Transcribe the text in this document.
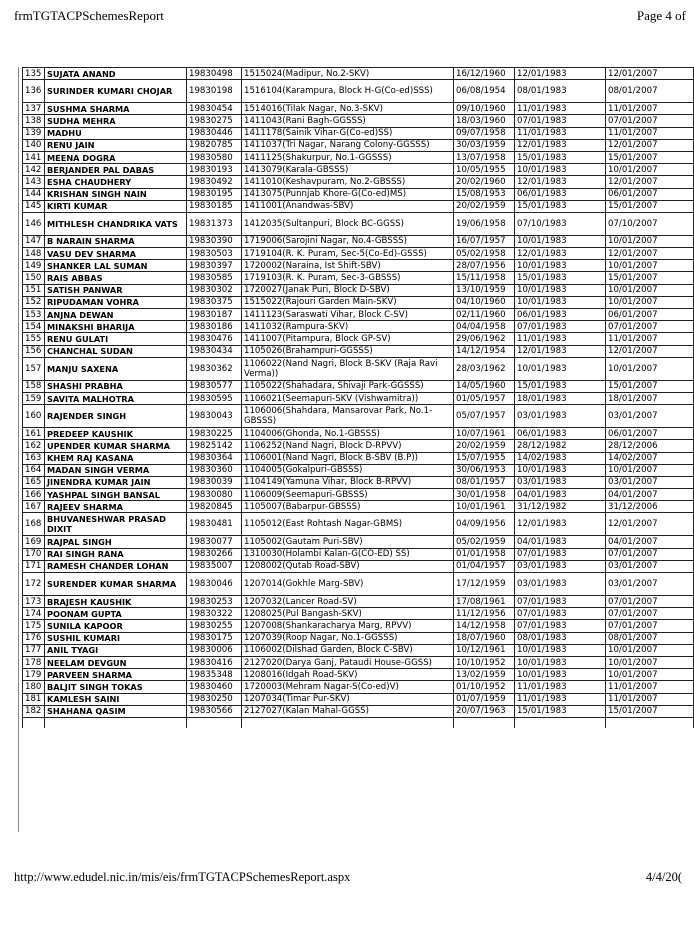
frmTGTACPSchemesReport	Page 4 of
135	SUJATA ANAND	19830498	1515024(Madipur, No.2-SKV)	16/12/1960	12/01/1983	12/01/2007
136	SURINDER KUMARI CHOJAR	19830198	1516104(Karampura, Block H-G(Co-ed)SSS)	06/08/1954	08/01/1983	08/01/2007
137	SUSHMA SHARMA	19830454	1514016(Tilak Nagar, No.3-SKV)	09/10/1960	11/01/1983	11/01/2007
138	SUDHA MEHRA	19830275	1411043(Rani Bagh-GGSSS)	18/03/1960	07/01/1983	07/01/2007
139	MADHU	19830446	1411178(Sainik Vihar-G(Co-ed)SS)	09/07/1958	11/01/1983	11/01/2007
140	RENU JAIN	19820785	1411037(Tri Nagar, Narang Colony-GGSSS)	30/03/1959	12/01/1983	12/01/2007
141	MEENA DOGRA	19830580	1411125(Shakurpur, No.1-GGSSS)	13/07/1958	15/01/1983	15/01/2007
142	BERJANDER PAL DABAS	19830193	1413079(Karala-GBSSS)	10/05/1955	10/01/1983	10/01/2007
143	ESHA CHAUDHERY	19830492	1411010(Keshavpuram, No.2-GBSSS)	20/02/1960	12/01/1983	12/01/2007
144	KRISHAN SINGH NAIN	19830195	1413075(Punnjab Khore-G(Co-ed)MS)	15/08/1953	06/01/1983	06/01/2007
145	KIRTI KUMAR	19830185	1411001(Anandwas-SBV)	20/02/1959	15/01/1983	15/01/2007
146	MITHLESH CHANDRIKA VATS	19831373	1412035(Sultanpuri, Block BC-GGSS)	19/06/1958	07/10/1983	07/10/2007
147	B NARAIN SHARMA	19830390	1719006(Sarojini Nagar, No.4-GBSSS)	16/07/1957	10/01/1983	10/01/2007
148	VASU DEV SHARMA	19830503	1719104(R. K. Puram, Sec-5(Co-Ed)-GSSS)	05/02/1958	12/01/1983	12/01/2007
149	SHANKER LAL SUMAN	19830397	1720002(Naraina, Ist Shift-SBV)	28/07/1956	10/01/1983	10/01/2007
150	RAIS ABBAS	19830585	1719103(R. K. Puram, Sec-3-GBSSS)	15/11/1958	15/01/1983	15/01/2007
151	SATISH PANWAR	19830302	1720027(Janak Puri, Block D-SBV)	13/10/1959	10/01/1983	10/01/2007
152	RIPUDAMAN VOHRA	19830375	1515022(Rajouri Garden Main-SKV)	04/10/1960	10/01/1983	10/01/2007
153	ANJNA DEWAN	19830187	1411123(Saraswati Vihar, Block C-SV)	02/11/1960	06/01/1983	06/01/2007
154	MINAKSHI BHARIJA	19830186	1411032(Rampura-SKV)	04/04/1958	07/01/1983	07/01/2007
155	RENU GULATI	19830476	1411007(Pitampura, Block GP-SV)	29/06/1962	11/01/1983	11/01/2007
156	CHANCHAL SUDAN	19830434	1105026(Brahampuri-GGSSS)	14/12/1954	12/01/1983	12/01/2007
157	MANJU SAXENA	19830362	1106022(Nand Nagri, Block B-SKV (Raja Ravi Verma))	28/03/1962	10/01/1983	10/01/2007
158	SHASHI PRABHA	19830577	1105022(Shahadara, Shivaji Park-GGSSS)	14/05/1960	15/01/1983	15/01/2007
159	SAVITA MALHOTRA	19830595	1106021(Seemapuri-SKV (Vishwamitra))	01/05/1957	18/01/1983	18/01/2007
160	RAJENDER SINGH	19830043	1106006(Shahdara, Mansarovar Park, No.1-GBSSS)	05/07/1957	03/01/1983	03/01/2007
161	PREDEEP KAUSHIK	19830225	1104006(Ghonda, No.1-GBSSS)	10/07/1961	06/01/1983	06/01/2007
162	UPENDER KUMAR SHARMA	19825142	1106252(Nand Nagri, Block D-RPVV)	20/02/1959	28/12/1982	28/12/2006
163	KHEM RAJ KASANA	19830364	1106001(Nand Nagri, Block B-SBV (B.P))	15/07/1955	14/02/1983	14/02/2007
164	MADAN SINGH VERMA	19830360	1104005(Gokalpuri-GBSSS)	30/06/1953	10/01/1983	10/01/2007
165	JINENDRA KUMAR JAIN	19830039	1104149(Yamuna Vihar, Block B-RPVV)	08/01/1957	03/01/1983	03/01/2007
166	YASHPAL SINGH BANSAL	19830080	1106009(Seemapuri-GBSSS)	30/01/1958	04/01/1983	04/01/2007
167	RAJEEV SHARMA	19820845	1105007(Babarpur-GBSSS)	10/01/1961	31/12/1982	31/12/2006
168	BHUVANESHWAR PRASAD DIXIT	19830481	1105012(East Rohtash Nagar-GBMS)	04/09/1956	12/01/1983	12/01/2007
169	RAJPAL SINGH	19830077	1105002(Gautam Puri-SBV)	05/02/1959	04/01/1983	04/01/2007
170	RAI SINGH RANA	19830266	1310030(Holambi Kalan-G(CO-ED) SS)	01/01/1958	07/01/1983	07/01/2007
171	RAMESH CHANDER LOHAN	19835007	1208002(Qutab Road-SBV)	01/04/1957	03/01/1983	03/01/2007
172	SURENDER KUMAR SHARMA	19830046	1207014(Gokhle Marg-SBV)	17/12/1959	03/01/1983	03/01/2007
173	BRAJESH KAUSHIK	19830253	1207032(Lancer Road-SV)	17/08/1961	07/01/1983	07/01/2007
174	POONAM GUPTA	19830322	1208025(Pul Bangash-SKV)	11/12/1956	07/01/1983	07/01/2007
175	SUNILA KAPOOR	19830255	1207008(Shankaracharya Marg, RPVV)	14/12/1958	07/01/1983	07/01/2007
176	SUSHIL KUMARI	19830175	1207039(Roop Nagar, No.1-GGSSS)	18/07/1960	08/01/1983	08/01/2007
177	ANIL TYAGI	19830006	1106002(Dilshad Garden, Block C-SBV)	10/12/1961	10/01/1983	10/01/2007
178	NEELAM DEVGUN	19830416	2127020(Darya Ganj, Pataudi House-GGSS)	10/10/1952	10/01/1983	10/01/2007
179	PARVEEN SHARMA	19835348	1208016(Idgah Road-SKV)	13/02/1959	10/01/1983	10/01/2007
180	BALJIT SINGH TOKAS	19830460	1720003(Mehram Nagar-S(Co-ed)V)	01/10/1952	11/01/1983	11/01/2007
181	KAMLESH SAINI	19830250	1207034(Timar Pur-SKV)	01/07/1959	11/01/1983	11/01/2007
182	SHAHANA QASIM	19830566	2127027(Kalan Mahal-GGSS)	20/07/1963	15/01/1983	15/01/2007

http://www.edudel.nic.in/mis/eis/frmTGTACPSchemesReport.aspx	4/4/20(
